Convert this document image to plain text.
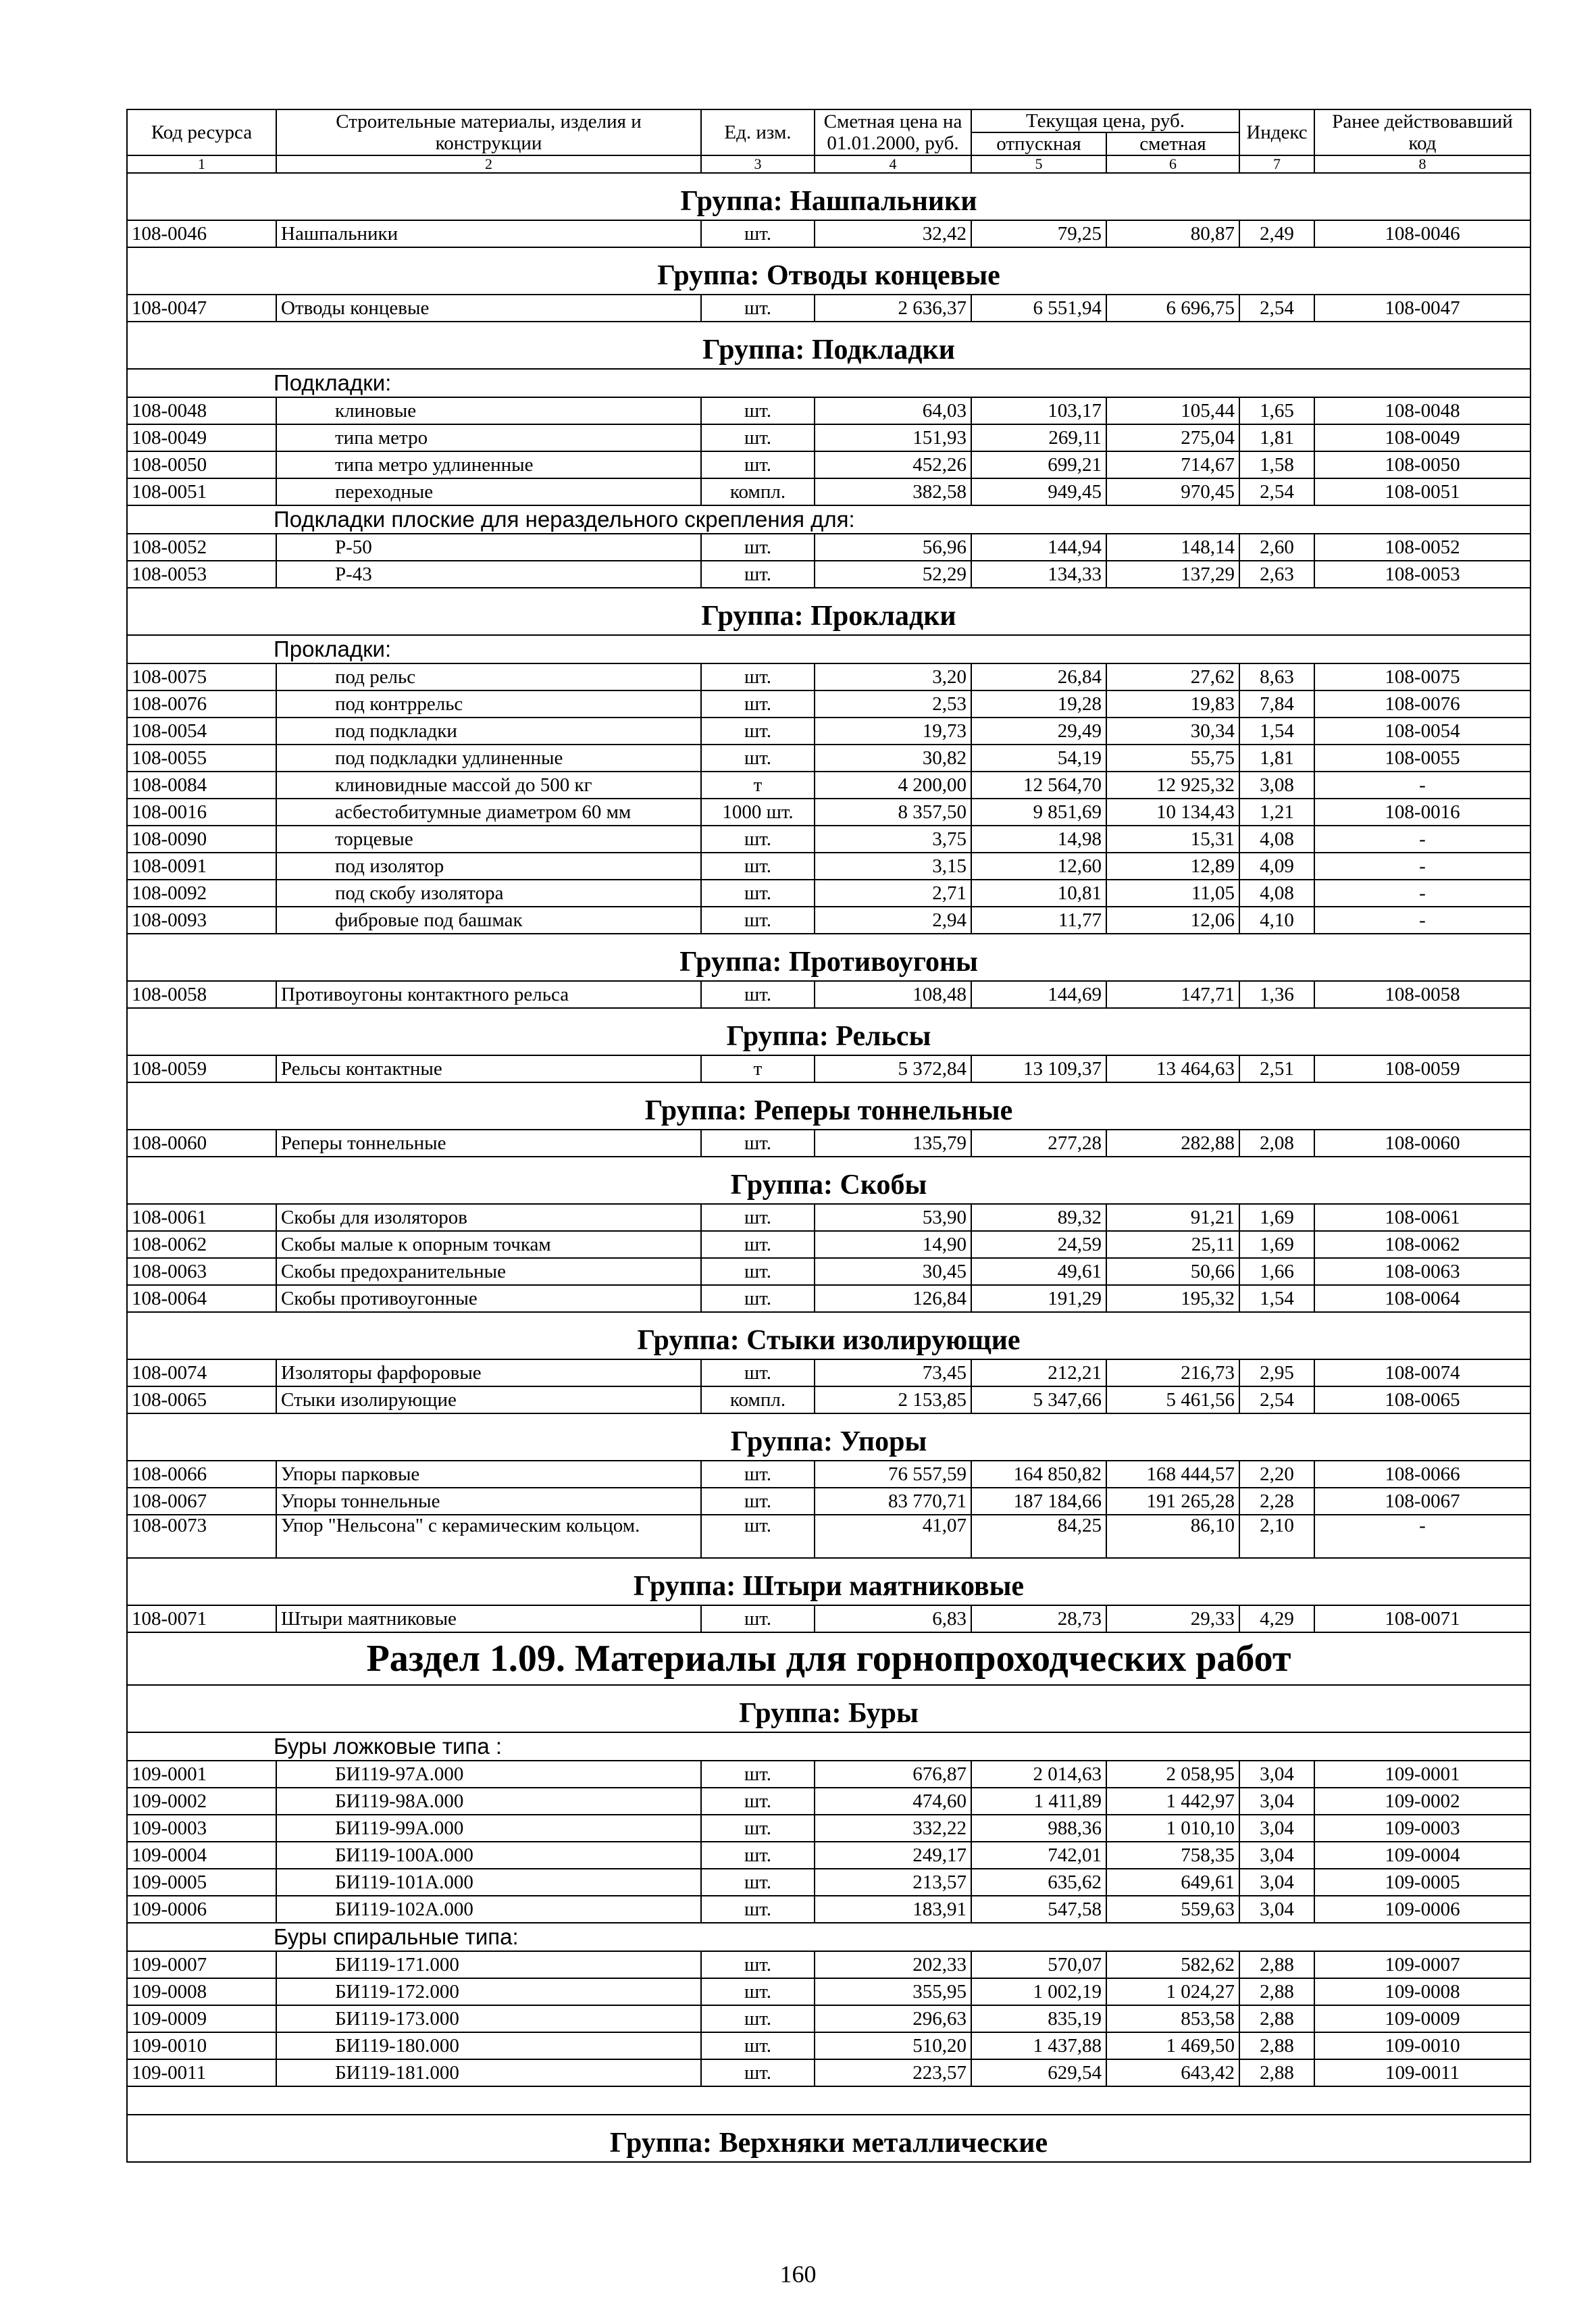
Код ресурса	Строительные материалы, изделия и конструкции	Ед. изм.	Сметная цена на 01.01.2000, руб.	Текущая цена, руб.		Индекс	Ранее действовавший код
				отпускная	сметная		
1	2	3	4	5	6	7	8
Группа: Нашпальники							
108-0046	Нашпальники	шт.	32,42	79,25	80,87	2,49	108-0046
Группа: Отводы концевые							
108-0047	Отводы концевые	шт.	2 636,37	6 551,94	6 696,75	2,54	108-0047
Группа: Подкладки							
Подкладки:							
108-0048	клиновые	шт.	64,03	103,17	105,44	1,65	108-0048
108-0049	типа метро	шт.	151,93	269,11	275,04	1,81	108-0049
108-0050	типа метро удлиненные	шт.	452,26	699,21	714,67	1,58	108-0050
108-0051	переходные	компл.	382,58	949,45	970,45	2,54	108-0051
Подкладки плоские для нераздельного скрепления для:							
108-0052	Р-50	шт.	56,96	144,94	148,14	2,60	108-0052
108-0053	Р-43	шт.	52,29	134,33	137,29	2,63	108-0053
Группа: Прокладки							
Прокладки:							
108-0075	под рельс	шт.	3,20	26,84	27,62	8,63	108-0075
108-0076	под контррельс	шт.	2,53	19,28	19,83	7,84	108-0076
108-0054	под подкладки	шт.	19,73	29,49	30,34	1,54	108-0054
108-0055	под подкладки удлиненные	шт.	30,82	54,19	55,75	1,81	108-0055
108-0084	клиновидные массой до 500 кг	т	4 200,00	12 564,70	12 925,32	3,08	-
108-0016	асбестобитумные диаметром 60 мм	1000 шт.	8 357,50	9 851,69	10 134,43	1,21	108-0016
108-0090	торцевые	шт.	3,75	14,98	15,31	4,08	-
108-0091	под изолятор	шт.	3,15	12,60	12,89	4,09	-
108-0092	под скобу изолятора	шт.	2,71	10,81	11,05	4,08	-
108-0093	фибровые под башмак	шт.	2,94	11,77	12,06	4,10	-
Группа: Противоугоны							
108-0058	Противоугоны контактного рельса	шт.	108,48	144,69	147,71	1,36	108-0058
Группа: Рельсы							
108-0059	Рельсы контактные	т	5 372,84	13 109,37	13 464,63	2,51	108-0059
Группа: Реперы тоннельные							
108-0060	Реперы тоннельные	шт.	135,79	277,28	282,88	2,08	108-0060
Группа: Скобы							
108-0061	Скобы для изоляторов	шт.	53,90	89,32	91,21	1,69	108-0061
108-0062	Скобы малые к опорным точкам	шт.	14,90	24,59	25,11	1,69	108-0062
108-0063	Скобы предохранительные	шт.	30,45	49,61	50,66	1,66	108-0063
108-0064	Скобы противоугонные	шт.	126,84	191,29	195,32	1,54	108-0064
Группа: Стыки изолирующие							
108-0074	Изоляторы фарфоровые	шт.	73,45	212,21	216,73	2,95	108-0074
108-0065	Стыки изолирующие	компл.	2 153,85	5 347,66	5 461,56	2,54	108-0065
Группа: Упоры							
108-0066	Упоры парковые	шт.	76 557,59	164 850,82	168 444,57	2,20	108-0066
108-0067	Упоры тоннельные	шт.	83 770,71	187 184,66	191 265,28	2,28	108-0067
108-0073	Упор "Нельсона" с керамическим кольцом.	шт.	41,07	84,25	86,10	2,10	-
Группа: Штыри маятниковые							
108-0071	Штыри маятниковые	шт.	6,83	28,73	29,33	4,29	108-0071
Раздел 1.09. Материалы для горнопроходческих работ							
Группа: Буры							
Буры ложковые типа :							
109-0001	БИ119-97А.000	шт.	676,87	2 014,63	2 058,95	3,04	109-0001
109-0002	БИ119-98А.000	шт.	474,60	1 411,89	1 442,97	3,04	109-0002
109-0003	БИ119-99А.000	шт.	332,22	988,36	1 010,10	3,04	109-0003
109-0004	БИ119-100А.000	шт.	249,17	742,01	758,35	3,04	109-0004
109-0005	БИ119-101А.000	шт.	213,57	635,62	649,61	3,04	109-0005
109-0006	БИ119-102А.000	шт.	183,91	547,58	559,63	3,04	109-0006
Буры спиральные типа:							
109-0007	БИ119-171.000	шт.	202,33	570,07	582,62	2,88	109-0007
109-0008	БИ119-172.000	шт.	355,95	1 002,19	1 024,27	2,88	109-0008
109-0009	БИ119-173.000	шт.	296,63	835,19	853,58	2,88	109-0009
109-0010	БИ119-180.000	шт.	510,20	1 437,88	1 469,50	2,88	109-0010
109-0011	БИ119-181.000	шт.	223,57	629,54	643,42	2,88	109-0011

Группа: Верхняки металлические							
160
